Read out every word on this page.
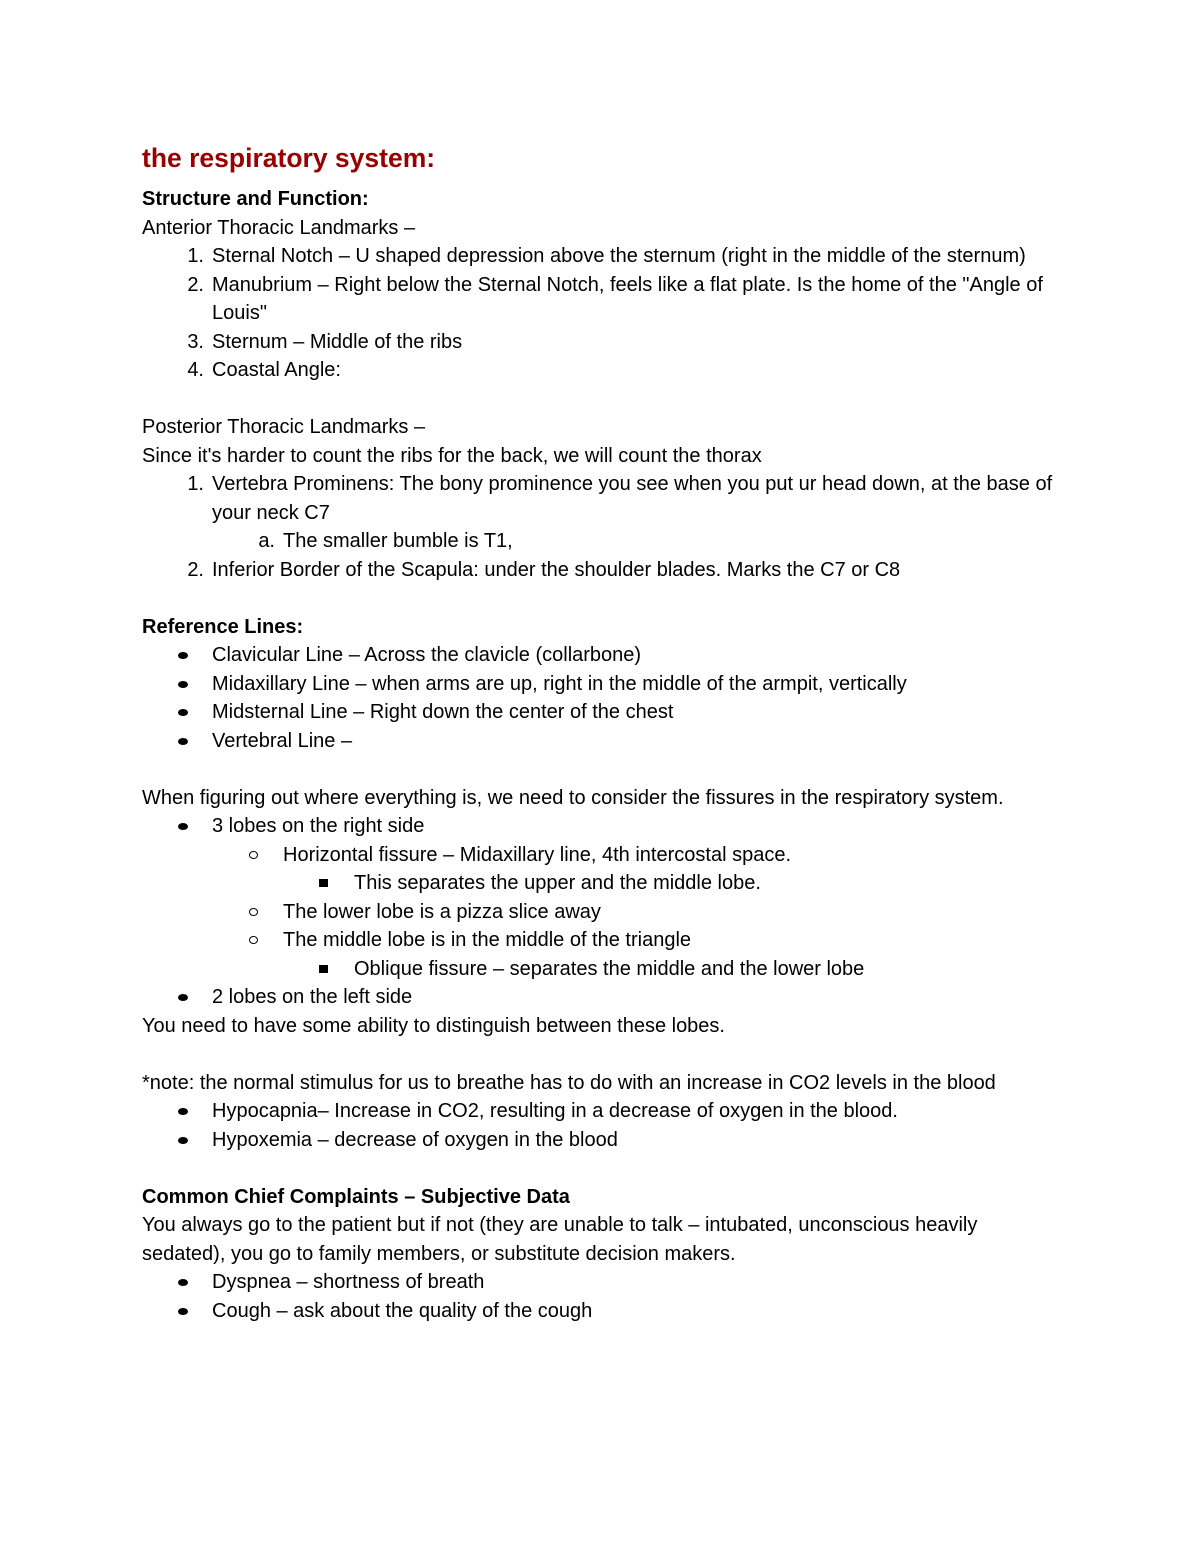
the respiratory system:

Structure and Function:

Anterior Thoracic Landmarks –

1. Sternal Notch – U shaped depression above the sternum (right in the middle of the sternum)
2. Manubrium – Right below the Sternal Notch, feels like a flat plate. Is the home of the "Angle of Louis"
3. Sternum – Middle of the ribs
4. Coastal Angle:

Posterior Thoracic Landmarks –

Since it's harder to count the ribs for the back, we will count the thorax

1. Vertebra Prominens: The bony prominence you see when you put ur head down, at the base of your neck C7
a. The smaller bumble is T1,
2. Inferior Border of the Scapula: under the shoulder blades. Marks the C7 or C8

Reference Lines:

Clavicular Line – Across the clavicle (collarbone)
Midaxillary Line – when arms are up, right in the middle of the armpit, vertically
Midsternal Line – Right down the center of the chest
Vertebral Line –

When figuring out where everything is, we need to consider the fissures in the respiratory system.

3 lobes on the right side
Horizontal fissure – Midaxillary line, 4th intercostal space.
This separates the upper and the middle lobe.
The lower lobe is a pizza slice away
The middle lobe is in the middle of the triangle
Oblique fissure – separates the middle and the lower lobe
2 lobes on the left side

You need to have some ability to distinguish between these lobes.

*note: the normal stimulus for us to breathe has to do with an increase in CO2 levels in the blood

Hypocapnia– Increase in CO2, resulting in a decrease of oxygen in the blood.
Hypoxemia – decrease of oxygen in the blood

Common Chief Complaints – Subjective Data

You always go to the patient but if not (they are unable to talk – intubated, unconscious heavily sedated), you go to family members, or substitute decision makers.

Dyspnea – shortness of breath
Cough – ask about the quality of the cough
